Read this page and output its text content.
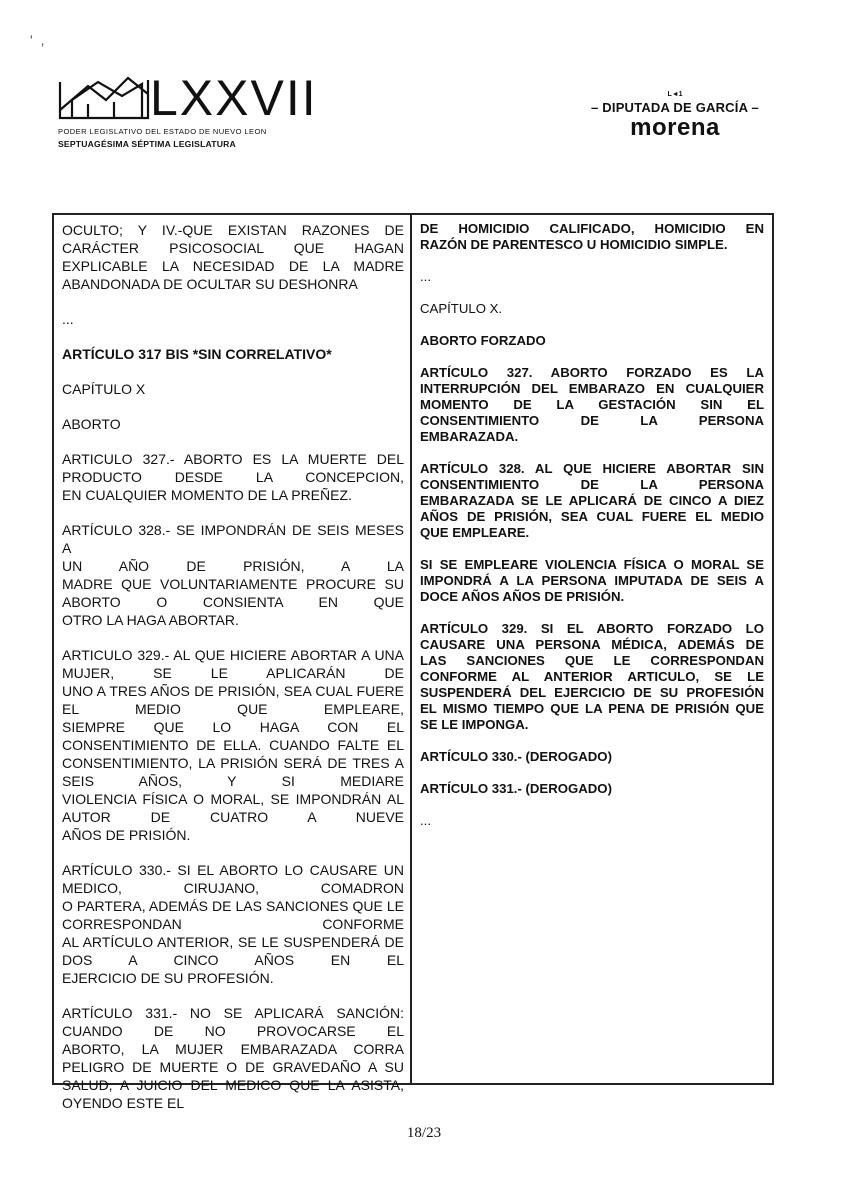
' ,
LXXVII
PODER LEGISLATIVO DEL ESTADO DE NUEVO LEON
SEPTUAGÉSIMA SÉPTIMA LEGISLATURA
L◄1
– DIPUTADA DE GARCÍA –
morena
OCULTO; Y IV.-QUE EXISTAN RAZONES DE
CARÁCTER PSICOSOCIAL QUE HAGAN
EXPLICABLE LA NECESIDAD DE LA MADRE
ABANDONADA DE OCULTAR SU DESHONRA
...
ARTÍCULO 317 BIS *SIN CORRELATIVO*
CAPÍTULO X
ABORTO
ARTICULO 327.- ABORTO ES LA MUERTE DEL
PRODUCTO DESDE LA CONCEPCION,
EN CUALQUIER MOMENTO DE LA PREÑEZ.
ARTÍCULO 328.- SE IMPONDRÁN DE SEIS MESES A
UN AÑO DE PRISIÓN, A LA
MADRE QUE VOLUNTARIAMENTE PROCURE SU
ABORTO O CONSIENTA EN QUE
OTRO LA HAGA ABORTAR.
ARTICULO 329.- AL QUE HICIERE ABORTAR A UNA
MUJER, SE LE APLICARÁN DE
UNO A TRES AÑOS DE PRISIÓN, SEA CUAL FUERE
EL MEDIO QUE EMPLEARE,
SIEMPRE QUE LO HAGA CON EL
CONSENTIMIENTO DE ELLA. CUANDO FALTE EL
CONSENTIMIENTO, LA PRISIÓN SERÁ DE TRES A
SEIS AÑOS, Y SI MEDIARE
VIOLENCIA FÍSICA O MORAL, SE IMPONDRÁN AL
AUTOR DE CUATRO A NUEVE
AÑOS DE PRISIÓN.
ARTÍCULO 330.- SI EL ABORTO LO CAUSARE UN
MEDICO, CIRUJANO, COMADRON
O PARTERA, ADEMÁS DE LAS SANCIONES QUE LE
CORRESPONDAN CONFORME
AL ARTÍCULO ANTERIOR, SE LE SUSPENDERÁ DE
DOS A CINCO AÑOS EN EL
EJERCICIO DE SU PROFESIÓN.
ARTÍCULO 331.- NO SE APLICARÁ SANCIÓN:
CUANDO DE NO PROVOCARSE EL
ABORTO, LA MUJER EMBARAZADA CORRA
PELIGRO DE MUERTE O DE GRAVEDAÑO A SU
SALUD, A JUICIO DEL MEDICO QUE LA ASISTA,
OYENDO ESTE EL
DE HOMICIDIO CALIFICADO, HOMICIDIO EN
RAZÓN DE PARENTESCO U HOMICIDIO SIMPLE.
...
CAPÍTULO X.
ABORTO FORZADO
ARTÍCULO 327. ABORTO FORZADO ES LA
INTERRUPCIÓN DEL EMBARAZO EN CUALQUIER
MOMENTO DE LA GESTACIÓN SIN EL
CONSENTIMIENTO DE LA PERSONA
EMBARAZADA.
ARTÍCULO 328. AL QUE HICIERE ABORTAR SIN
CONSENTIMIENTO DE LA PERSONA
EMBARAZADA SE LE APLICARÁ DE CINCO A DIEZ
AÑOS DE PRISIÓN, SEA CUAL FUERE EL MEDIO
QUE EMPLEARE.
SI SE EMPLEARE VIOLENCIA FÍSICA O MORAL SE
IMPONDRÁ A LA PERSONA IMPUTADA DE SEIS A
DOCE AÑOS AÑOS DE PRISIÓN.
ARTÍCULO 329. SI EL ABORTO FORZADO LO
CAUSARE UNA PERSONA MÉDICA, ADEMÁS DE
LAS SANCIONES QUE LE CORRESPONDAN
CONFORME AL ANTERIOR ARTICULO, SE LE
SUSPENDERÁ DEL EJERCICIO DE SU PROFESIÓN
EL MISMO TIEMPO QUE LA PENA DE PRISIÓN QUE
SE LE IMPONGA.
ARTÍCULO 330.- (DEROGADO)
ARTÍCULO 331.- (DEROGADO)
...
18/23
